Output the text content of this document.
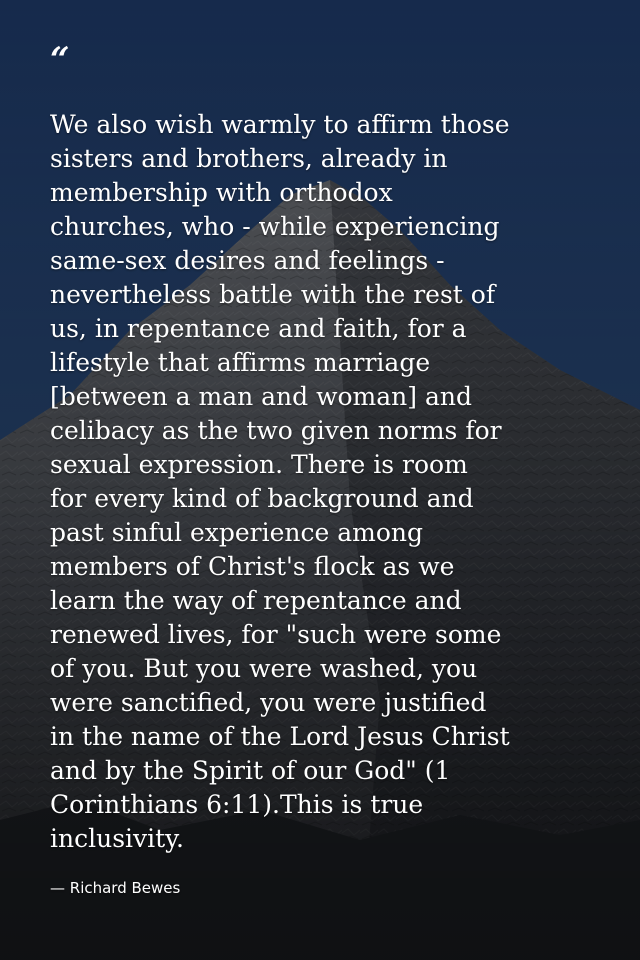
“
We also wish warmly to affirm those
sisters and brothers, already in
membership with orthodox
churches, who - while experiencing
same-sex desires and feelings -
nevertheless battle with the rest of
us, in repentance and faith, for a
lifestyle that affirms marriage
[between a man and woman] and
celibacy as the two given norms for
sexual expression. There is room
for every kind of background and
past sinful experience among
members of Christ's flock as we
learn the way of repentance and
renewed lives, for "such were some
of you. But you were washed, you
were sanctified, you were justified
in the name of the Lord Jesus Christ
and by the Spirit of our God" (1
Corinthians 6:11).This is true
inclusivity.
— Richard Bewes
